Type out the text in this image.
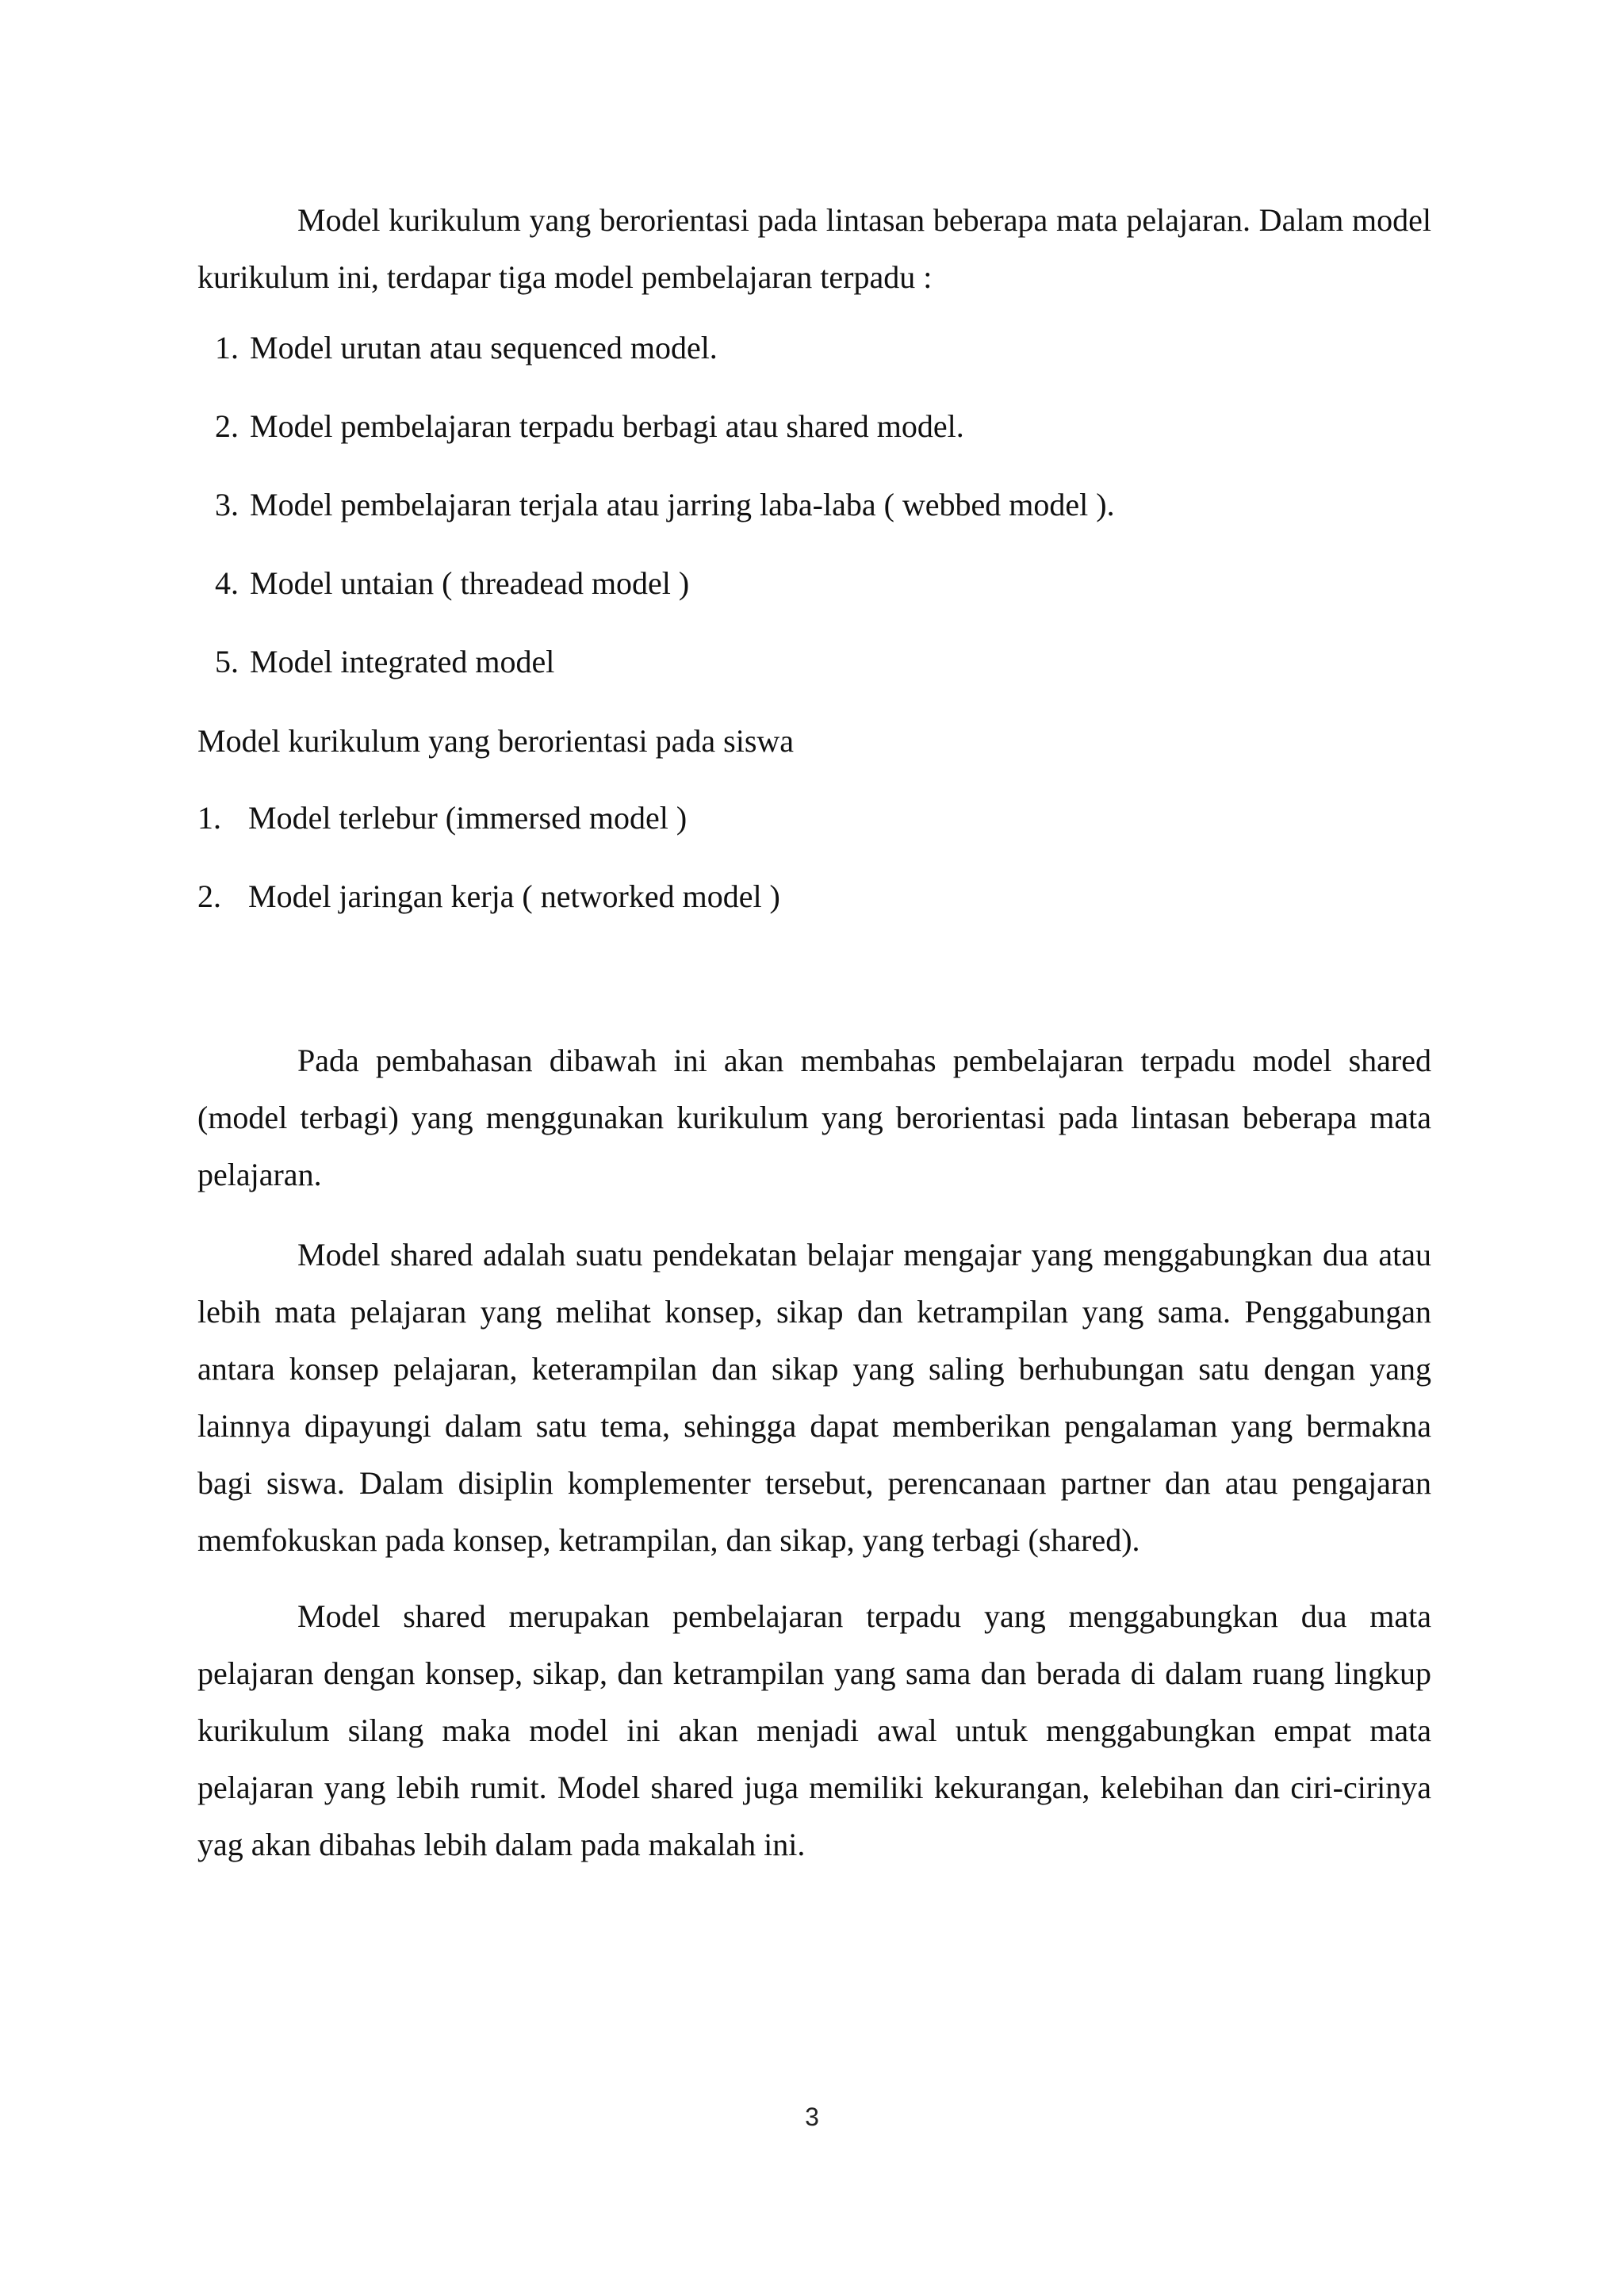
Model kurikulum yang berorientasi pada lintasan beberapa mata pelajaran. Dalam model kurikulum ini, terdapar tiga model pembelajaran terpadu :

1. Model urutan atau sequenced model.
2. Model pembelajaran terpadu berbagi atau shared model.
3. Model pembelajaran terjala atau jarring laba-laba ( webbed model ).
4. Model untaian ( threadead model )
5. Model integrated model

Model kurikulum yang berorientasi pada siswa

1. Model terlebur (immersed model )
2. Model jaringan kerja ( networked model )

Pada pembahasan dibawah ini akan membahas pembelajaran terpadu model shared (model terbagi) yang menggunakan kurikulum yang berorientasi pada lintasan beberapa mata pelajaran.

Model shared adalah suatu pendekatan belajar mengajar yang menggabungkan dua atau lebih mata pelajaran yang melihat konsep, sikap dan ketrampilan yang sama. Penggabungan antara konsep pelajaran, keterampilan dan sikap yang saling berhubungan satu dengan yang lainnya dipayungi dalam satu tema, sehingga dapat memberikan pengalaman yang bermakna bagi siswa. Dalam disiplin komplementer tersebut, perencanaan partner dan atau pengajaran memfokuskan pada konsep, ketrampilan, dan sikap, yang terbagi (shared).

Model shared merupakan pembelajaran terpadu yang menggabungkan dua mata pelajaran dengan konsep, sikap, dan ketrampilan yang sama dan berada di dalam ruang lingkup kurikulum silang maka model ini akan menjadi awal untuk menggabungkan empat mata pelajaran yang lebih rumit. Model shared juga memiliki kekurangan, kelebihan dan ciri-cirinya yag akan dibahas lebih dalam pada makalah ini.

3
